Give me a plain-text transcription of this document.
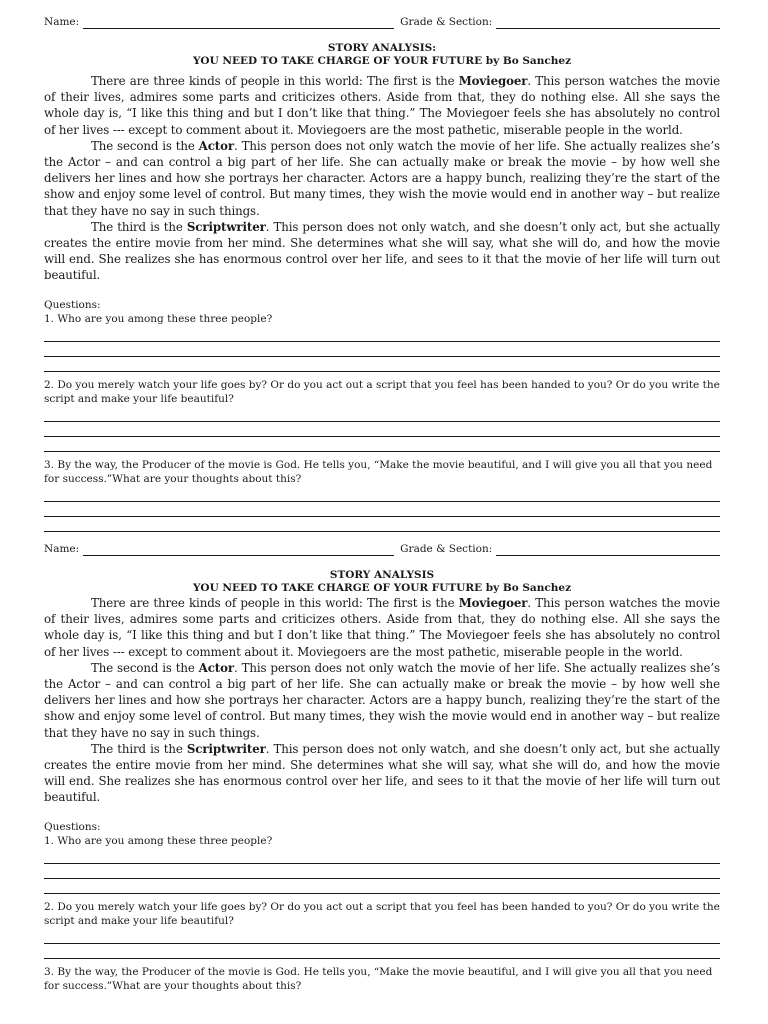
Name:	Grade & Section:
STORY ANALYSIS:
YOU NEED TO TAKE CHARGE OF YOUR FUTURE by Bo Sanchez

There are three kinds of people in this world: The first is the Moviegoer. This person watches the movie of their lives, admires some parts and criticizes others. Aside from that, they do nothing else. All she says the whole day is, “I like this thing and but I don’t like that thing.” The Moviegoer feels she has absolutely no control of her lives --- except to comment about it. Moviegoers are the most pathetic, miserable people in the world.

The second is the Actor. This person does not only watch the movie of her life. She actually realizes she’s the Actor – and can control a big part of her life. She can actually make or break the movie – by how well she delivers her lines and how she portrays her character. Actors are a happy bunch, realizing they’re the start of the show and enjoy some level of control. But many times, they wish the movie would end in another way – but realize that they have no say in such things.

The third is the Scriptwriter. This person does not only watch, and she doesn’t only act, but she actually creates the entire movie from her mind. She determines what she will say, what she will do, and how the movie will end. She realizes she has enormous control over her life, and sees to it that the movie of her life will turn out beautiful.

Questions:

1. Who are you among these three people?

2. Do you merely watch your life goes by? Or do you act out a script that you feel has been handed to you? Or do you write the script and make your life beautiful?

3. By the way, the Producer of the movie is God. He tells you, “Make the movie beautiful, and I will give you all that you need for success.”What are your thoughts about this?

Name:	Grade & Section:
STORY ANALYSIS
YOU NEED TO TAKE CHARGE OF YOUR FUTURE by Bo Sanchez

There are three kinds of people in this world: The first is the Moviegoer. This person watches the movie of their lives, admires some parts and criticizes others. Aside from that, they do nothing else. All she says the whole day is, “I like this thing and but I don’t like that thing.” The Moviegoer feels she has absolutely no control of her lives --- except to comment about it. Moviegoers are the most pathetic, miserable people in the world.

The second is the Actor. This person does not only watch the movie of her life. She actually realizes she’s the Actor – and can control a big part of her life. She can actually make or break the movie – by how well she delivers her lines and how she portrays her character. Actors are a happy bunch, realizing they’re the start of the show and enjoy some level of control. But many times, they wish the movie would end in another way – but realize that they have no say in such things.

The third is the Scriptwriter. This person does not only watch, and she doesn’t only act, but she actually creates the entire movie from her mind. She determines what she will say, what she will do, and how the movie will end. She realizes she has enormous control over her life, and sees to it that the movie of her life will turn out beautiful.

Questions:

1. Who are you among these three people?

2. Do you merely watch your life goes by? Or do you act out a script that you feel has been handed to you? Or do you write the script and make your life beautiful?

3. By the way, the Producer of the movie is God. He tells you, “Make the movie beautiful, and I will give you all that you need for success.”What are your thoughts about this?
